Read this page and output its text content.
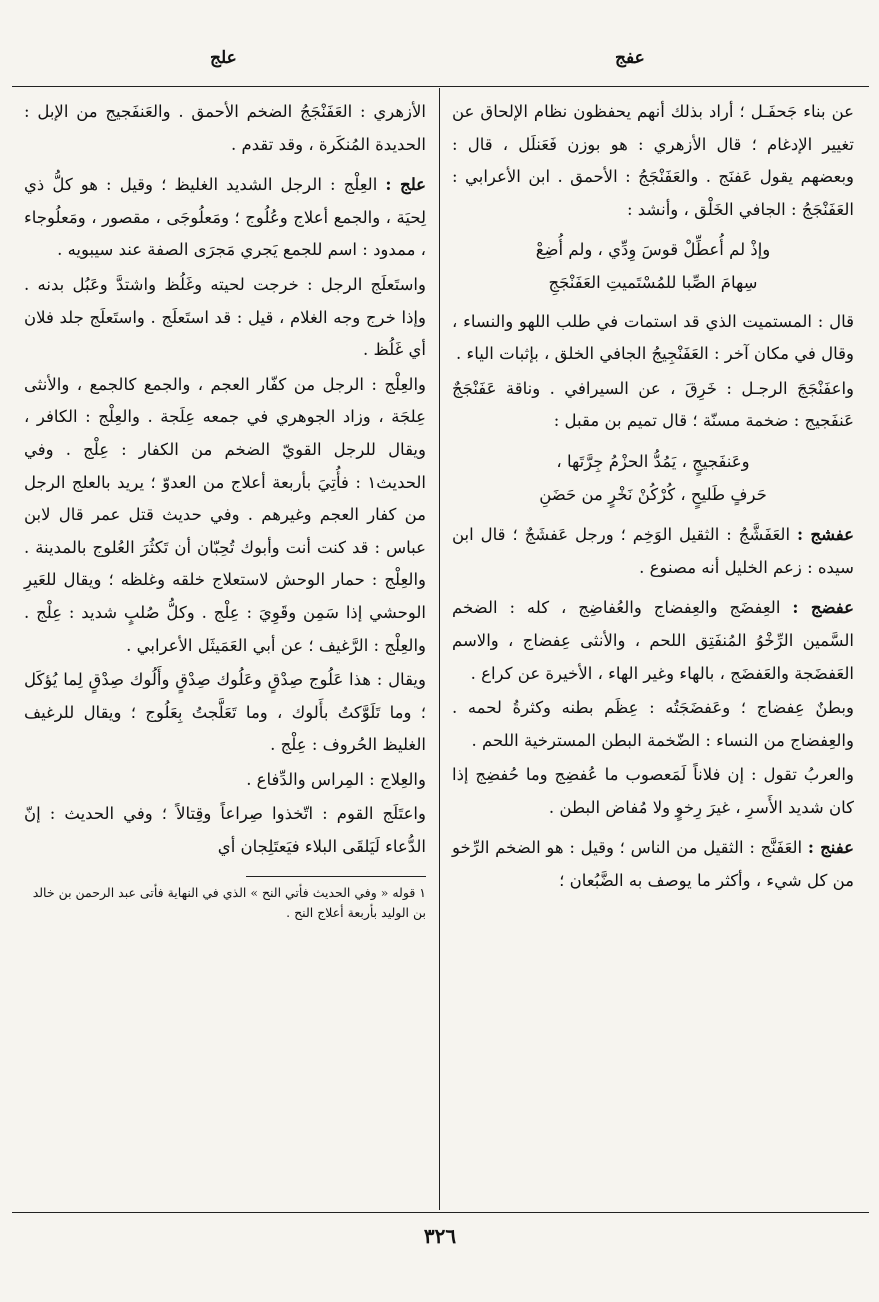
علج	عفج

عن بناء جَحفَـل ؛ أراد بذلك أنهم يحفظون نظام الإلحاق عن تغيير الإدغام ؛ قال الأزهري : هو بوزن فَعَنلَل ، قال : وبعضهم يقول عَفنَج . والعَفَنْجَجُ : الأحمق . ابن الأعرابي : العَفَنْجَجُ : الجافي الخَلْق ، وأنشد :

وإذْ لم أُعطِّلْ قوسَ وِدِّي ، ولم أُضِعْ
سِهامَ الصِّبا للمُسْتَميتِ العَفَنْجَجِ

قال : المستميت الذي قد استمات في طلب اللهو والنساء ، وقال في مكان آخر : العَفَنْجِيجُ الجافي الخلق ، بإثبات الياء .

واعفَنْجَجَ الرجـل : خَرِقَ ، عن السيرافي . وناقة عَفَنْجَجٌ عَنفَجيج : ضخمة مسنّة ؛ قال تميم بن مقبل :

وعَنفَجيجٍ ، يَمُدُّ الحزْمُ جِرَّتَها ،
حَرفٍ طَليحٍ ، كُرْكُنْ نَخْرٍ من حَضَنِ

عفشج : العَفَشَّجُ : الثقيل الوَخِم ؛ ورجل عَفشَجٌ ؛ قال ابن سيده : زعم الخليل أنه مصنوع .

عفضج : العِفضَج والعِفضاج والعُفاضِج ، كله : الضخم السَّمين الرِّخْوُ المُنفَتِق اللحم ، والأنثى عِفضاج ، والاسم العَفضَجة والعَفضَج ، بالهاء وغير الهاء ، الأخيرة عن كراع .

وبطنٌ عِفضاج ؛ وعَفضَجَتُه : عِظَم بطنه وكثرةُ لحمه . والعِفضاج من النساء : الضّخمة البطن المسترخية اللحم .

والعربُ تقول : إن فلاناً لَمَعصوب ما عُفضِج وما حُفضِج إذا كان شديد الأَسرِ ، غيرَ رِخوٍ ولا مُفاض البطن .

عفنج : العَفَنَّج : الثقيل من الناس ؛ وقيل : هو الضخم الرِّخو من كل شيء ، وأكثر ما يوصف به الضَّبُعان ؛

الأزهري : العَفَنْجَجُ الضخم الأحمق . والعَنفَجيج من الإبل : الحديدة المُنكَرة ، وقد تقدم .

علج : العِلْج : الرجل الشديد الغليظ ؛ وقيل : هو كلُّ ذي لِحيَة ، والجمع أعلاج وعُلُوج ؛ ومَعلُوجَى ، مقصور ، ومَعلُوجاء ، ممدود : اسم للجمع يَجري مَجرَى الصفة عند سيبويه .

واستَعلَج الرجل : خرجت لحيته وغَلُظ واشتدَّ وعَبُل بدنه . وإذا خرج وجه الغلام ، قيل : قد استَعلَج . واستَعلَج جلد فلان أي غَلُظ .

والعِلْج : الرجل من كفّار العجم ، والجمع كالجمع ، والأنثى عِلجَة ، وزاد الجوهري في جمعه عِلَجة . والعِلْج : الكافر ، ويقال للرجل القويّ الضخم من الكفار : عِلْج . وفي الحديث١ : فأُتِيَ بأربعة أعلاج من العدوّ ؛ يريد بالعلج الرجل من كفار العجم وغيرهم . وفي حديث قتل عمر قال لابن عباس : قد كنت أنت وأبوك تُحِبّان أن تَكثُرَ العُلوج بالمدينة . والعِلْج : حمار الوحش لاستعلاج خلقه وغلظه ؛ ويقال للعَيرِ الوحشي إذا سَمِن وقَوِيَ : عِلْج . وكلُّ صُلبٍ شديد : عِلْج . والعِلْج : الرَّغيف ؛ عن أبي العَمَيثَل الأعرابي .

ويقال : هذا عَلُوج صِدْقٍ وعَلُوك صِدْقٍ وأَلُوك صِدْقٍ لِما يُؤكَل ؛ وما تَلَوَّكتُ بأَلوك ، وما تَعَلَّجتُ بِعَلُوج ؛ ويقال للرغيف الغليظ الحُروف : عِلْج .

والعِلاج : المِراس والدِّفاع .

واعتَلَج القوم : اتّخذوا صِراعاً وقِتالاً ؛ وفي الحديث : إنّ الدُّعاء لَيَلقَى البلاء فيَعتَلِجان أي

١ قوله « وفي الحديث فأتي النح » الذي في النهاية فأتى عبد الرحمن بن خالد بن الوليد بأربعة أعلاج النح .
٣٢٦
